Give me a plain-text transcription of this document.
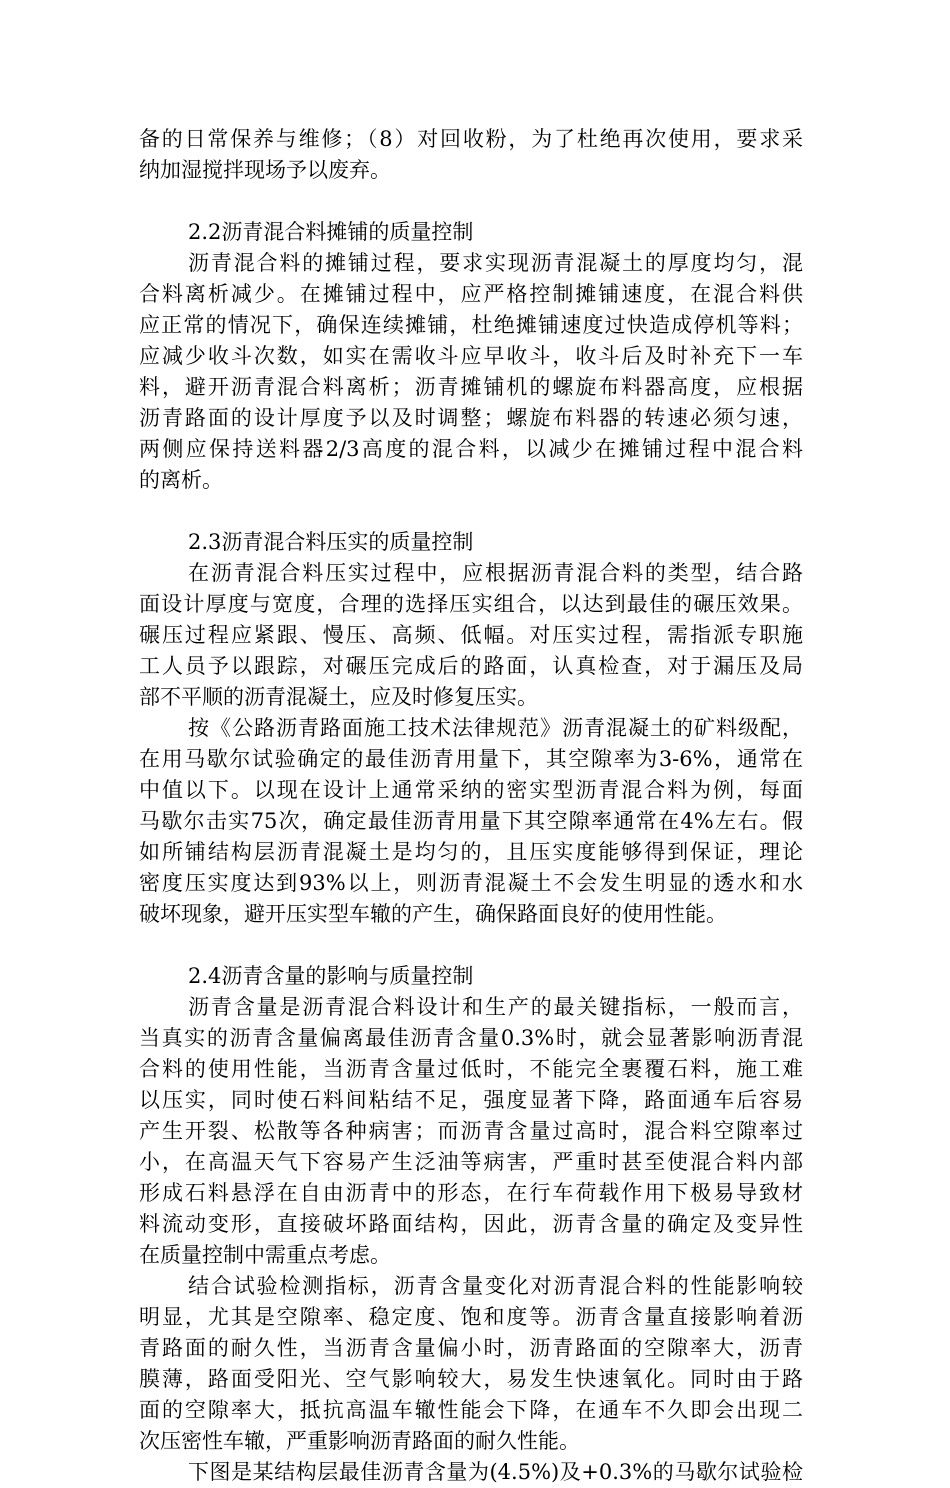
备的日常保养与维修；（8）对回收粉，为了杜绝再次使用，要求采
纳加湿搅拌现场予以废弃。
2.2沥青混合料摊铺的质量控制
沥青混合料的摊铺过程，要求实现沥青混凝土的厚度均匀，混
合料离析减少。在摊铺过程中，应严格控制摊铺速度，在混合料供
应正常的情况下，确保连续摊铺，杜绝摊铺速度过快造成停机等料；
应减少收斗次数，如实在需收斗应早收斗，收斗后及时补充下一车
料，避开沥青混合料离析；沥青摊铺机的螺旋布料器高度，应根据
沥青路面的设计厚度予以及时调整；螺旋布料器的转速必须匀速，
两侧应保持送料器2/3高度的混合料，以减少在摊铺过程中混合料
的离析。
2.3沥青混合料压实的质量控制
在沥青混合料压实过程中，应根据沥青混合料的类型，结合路
面设计厚度与宽度，合理的选择压实组合，以达到最佳的碾压效果。
碾压过程应紧跟、慢压、高频、低幅。对压实过程，需指派专职施
工人员予以跟踪，对碾压完成后的路面，认真检查，对于漏压及局
部不平顺的沥青混凝土，应及时修复压实。
按《公路沥青路面施工技术法律规范》沥青混凝土的矿料级配，
在用马歇尔试验确定的最佳沥青用量下，其空隙率为3-6%，通常在
中值以下。以现在设计上通常采纳的密实型沥青混合料为例，每面
马歇尔击实75次，确定最佳沥青用量下其空隙率通常在4%左右。假
如所铺结构层沥青混凝土是均匀的，且压实度能够得到保证，理论
密度压实度达到93%以上，则沥青混凝土不会发生明显的透水和水
破坏现象，避开压实型车辙的产生，确保路面良好的使用性能。
2.4沥青含量的影响与质量控制
沥青含量是沥青混合料设计和生产的最关键指标，一般而言，
当真实的沥青含量偏离最佳沥青含量0.3%时，就会显著影响沥青混
合料的使用性能，当沥青含量过低时，不能完全裹覆石料，施工难
以压实，同时使石料间粘结不足，强度显著下降，路面通车后容易
产生开裂、松散等各种病害；而沥青含量过高时，混合料空隙率过
小，在高温天气下容易产生泛油等病害，严重时甚至使混合料内部
形成石料悬浮在自由沥青中的形态，在行车荷载作用下极易导致材
料流动变形，直接破坏路面结构，因此，沥青含量的确定及变异性
在质量控制中需重点考虑。
结合试验检测指标，沥青含量变化对沥青混合料的性能影响较
明显，尤其是空隙率、稳定度、饱和度等。沥青含量直接影响着沥
青路面的耐久性，当沥青含量偏小时，沥青路面的空隙率大，沥青
膜薄，路面受阳光、空气影响较大，易发生快速氧化。同时由于路
面的空隙率大，抵抗高温车辙性能会下降，在通车不久即会出现二
次压密性车辙，严重影响沥青路面的耐久性能。
下图是某结构层最佳沥青含量为(4.5%)及+0.3%的马歇尔试验检
